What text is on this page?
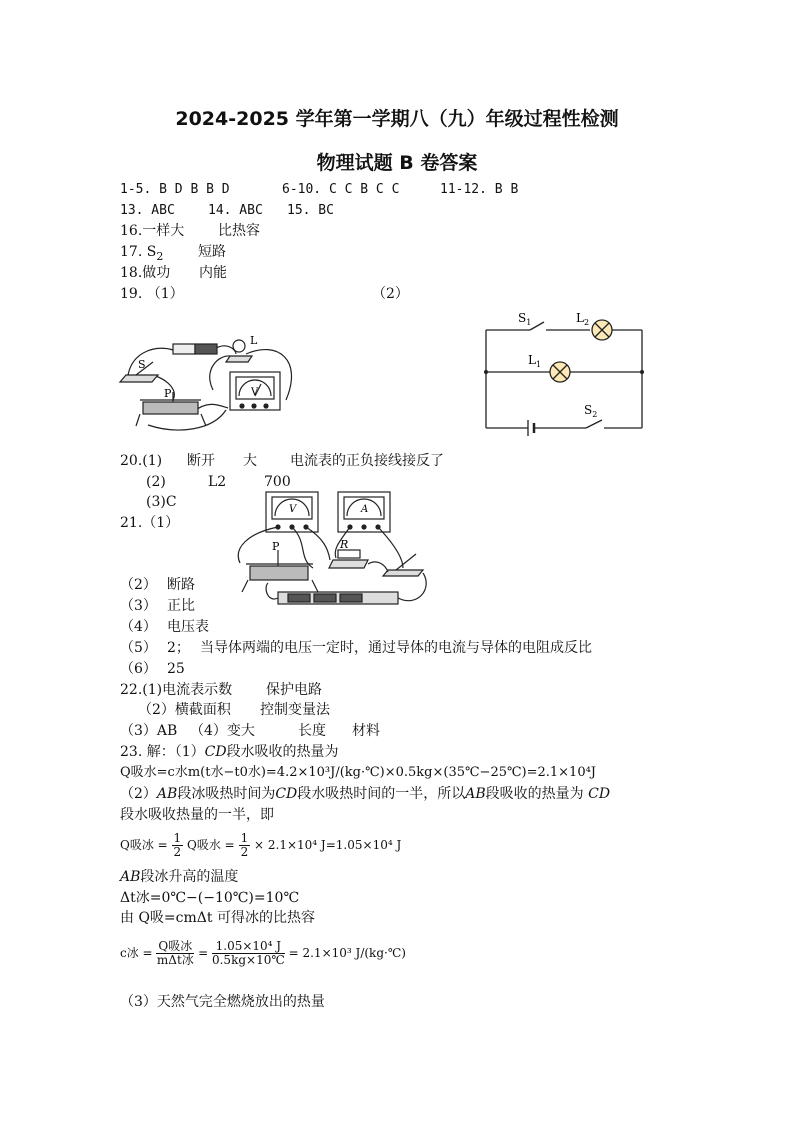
2024-2025 学年第一学期八（九）年级过程性检测
物理试题 B 卷答案
1-5. B D B B D	6-10. C C B C C	11-12. B B
13. ABC	14. ABC 15. BC
16.一样大 比热容
17. $S_2$ 短路
18.做功 内能
19. （1）	（2）
S
P
L
V
$S_1$	$L_2$
$L_1$
$S_2$
20.(1) 断开 大 电流表的正负接线接反了
(2)	L2	700
(3)C
21.（1）
V	A
P	R
（2） 断路
（3） 正比
（4） 电压表
（5） 2； 当导体两端的电压一定时，通过导体的电流与导体的电阻成反比
（6） 25
22.(1)电流表示数 保护电路
（2）横截面积 控制变量法
（3）AB （4）变大	长度 材料
23. 解：（1）CD段水吸收的热量为
Q吸水=c水m(t水−t0水)=4.2×10³J/(kg·℃)×0.5kg×(35℃−25℃)=2.1×10⁴J
（2）AB段冰吸热时间为CD段水吸热时间的一半，所以AB段吸收的热量为 CD
段水吸收热量的一半，即
Q吸冰 = $\frac{1}{2}$ Q吸水 = $\frac{1}{2} \times 2.1\times 10^4$ J=1.05×10⁴ J
AB段冰升高的温度
Δt冰=0℃−(−10℃)=10℃
由 Q吸=cmΔt 可得冰的比热容
c冰 = $\frac{\text{Q吸冰}}{\text{mΔt冰}} = \frac{\text{1.05×10⁴ J}}{0.5kg\times 10℃} = 2.1\times 10^3$ J/(kg·℃)
（3）天然气完全燃烧放出的热量
